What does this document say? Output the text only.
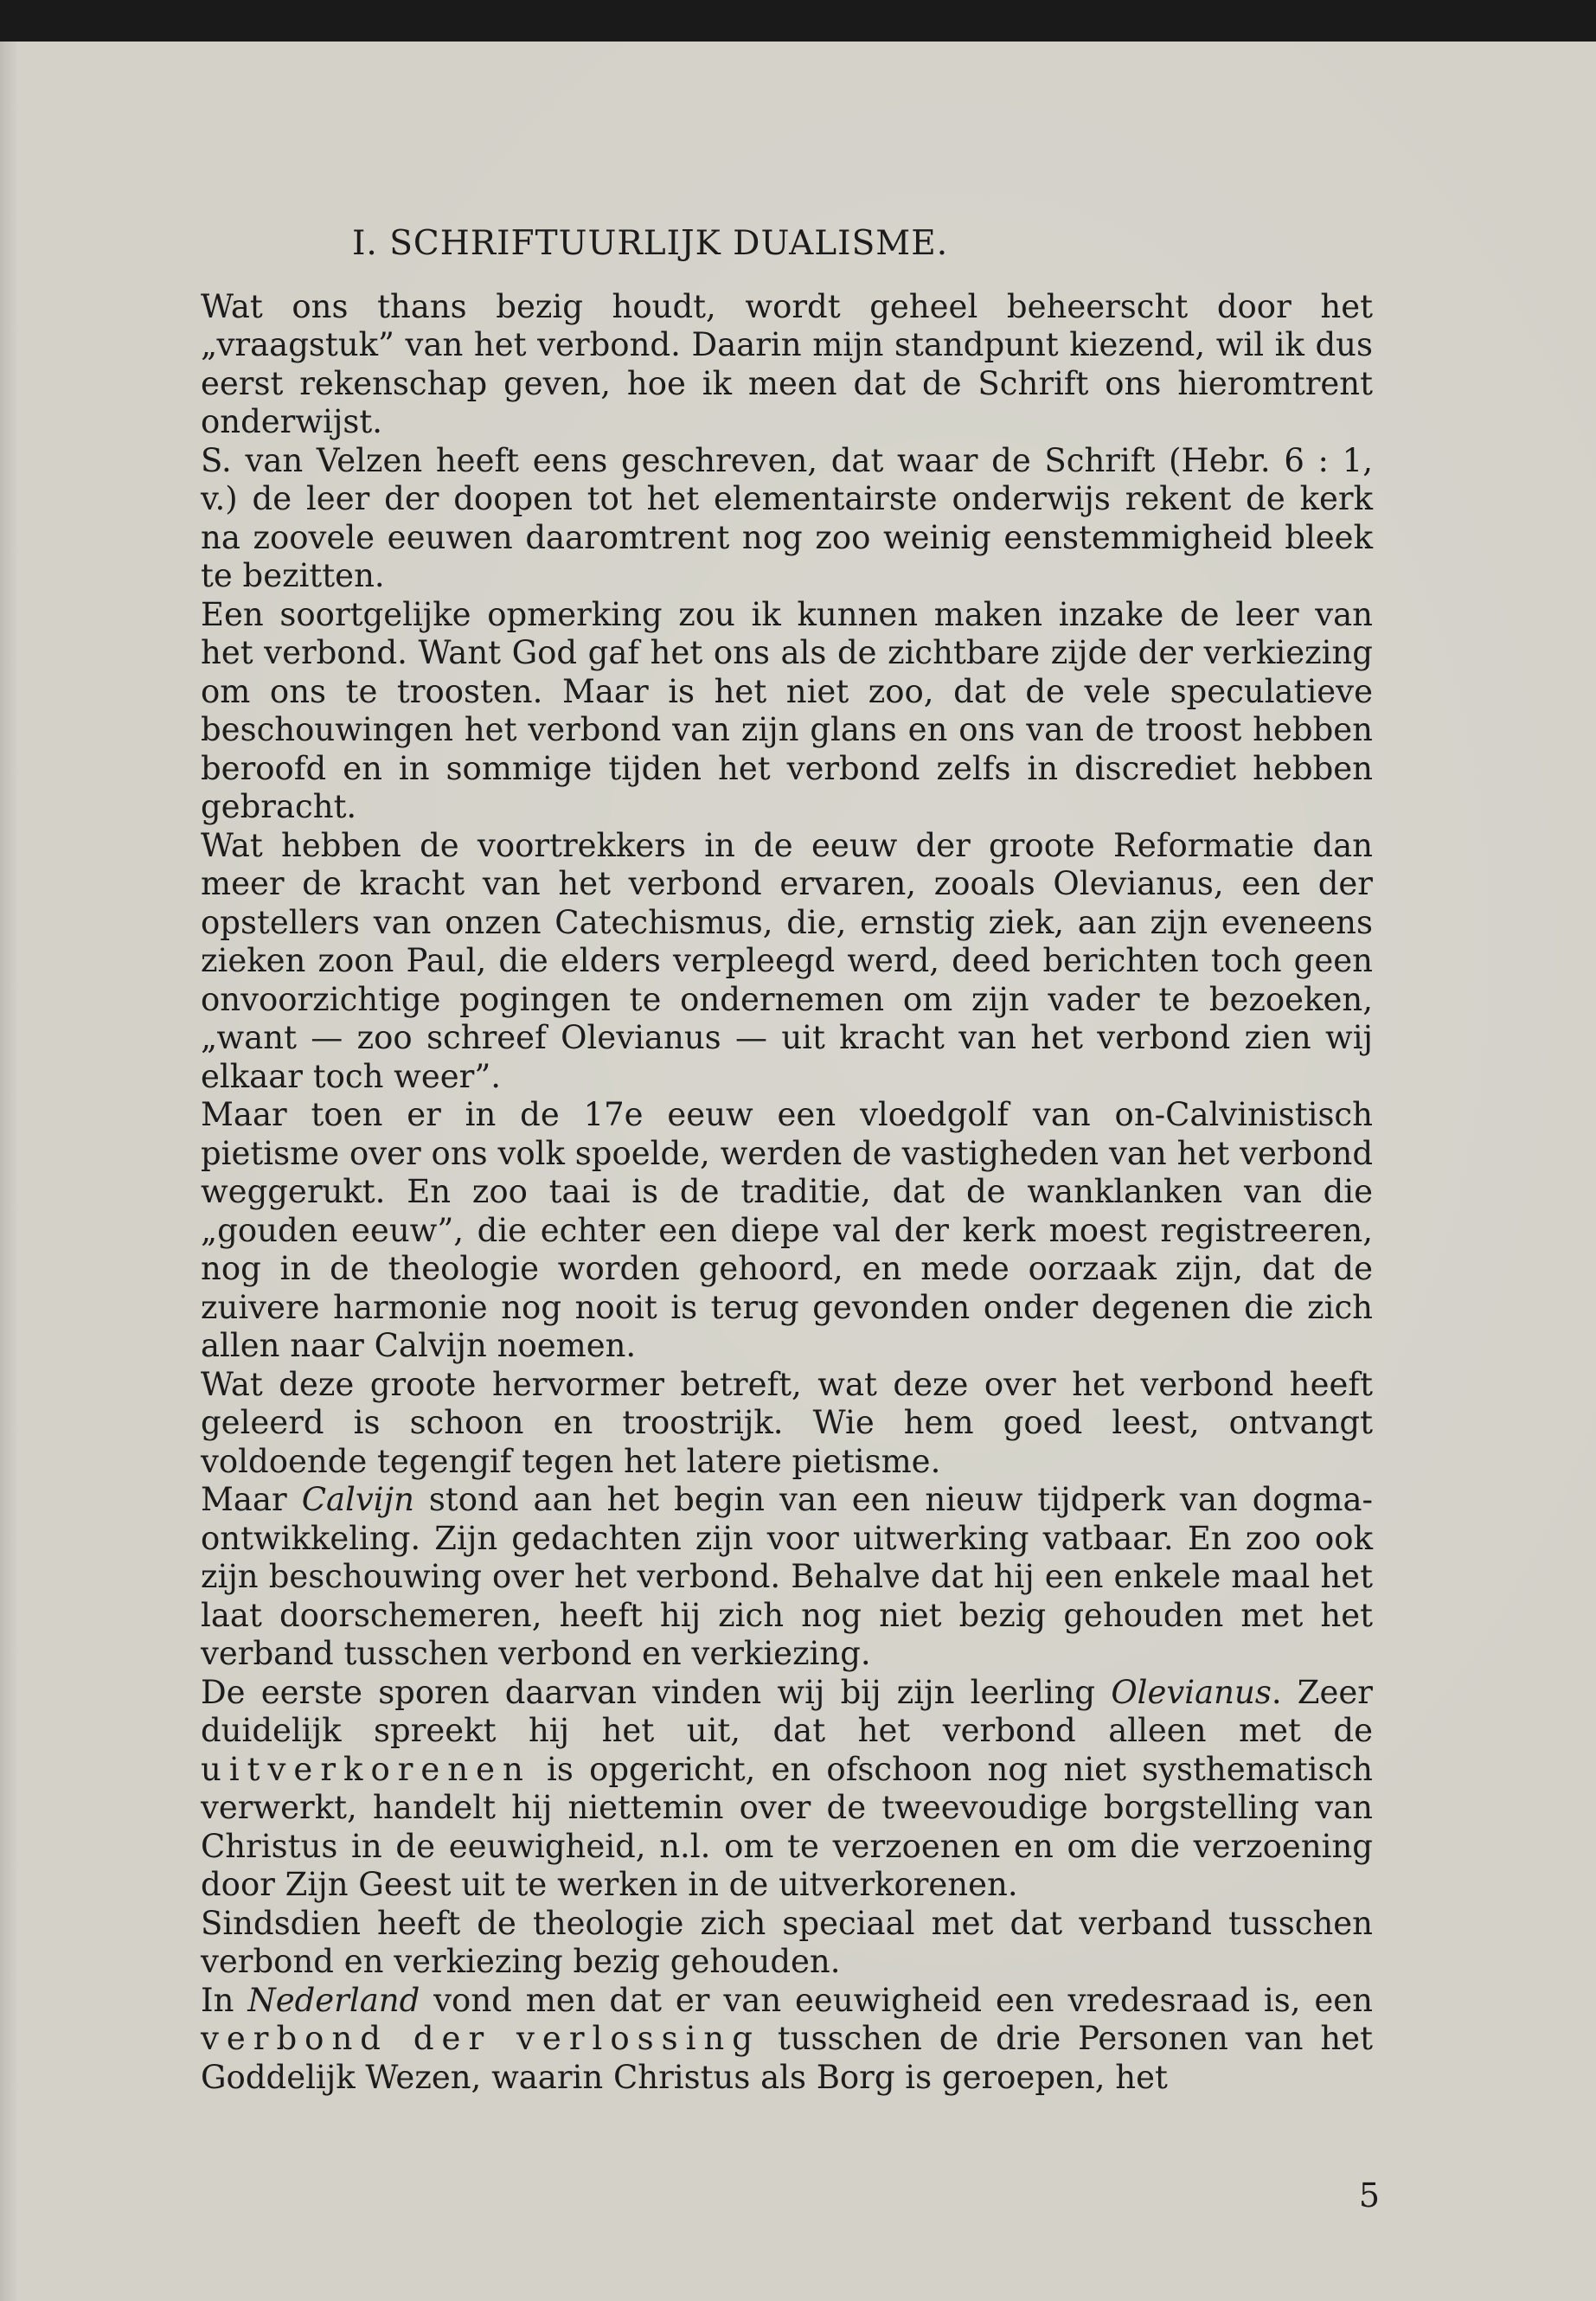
I. SCHRIFTUURLIJK DUALISME.

Wat ons thans bezig houdt, wordt geheel beheerscht door het „vraagstuk” van het verbond. Daarin mijn standpunt kiezend, wil ik dus eerst rekenschap geven, hoe ik meen dat de Schrift ons hieromtrent onderwijst.

S. van Velzen heeft eens geschreven, dat waar de Schrift (Hebr. 6 : 1, v.) de leer der doopen tot het elementairste onderwijs rekent de kerk na zoovele eeuwen daaromtrent nog zoo weinig eenstemmigheid bleek te bezitten.

Een soortgelijke opmerking zou ik kunnen maken inzake de leer van het verbond. Want God gaf het ons als de zichtbare zijde der verkiezing om ons te troosten. Maar is het niet zoo, dat de vele speculatieve beschouwingen het verbond van zijn glans en ons van de troost hebben beroofd en in sommige tijden het verbond zelfs in discrediet hebben gebracht.

Wat hebben de voortrekkers in de eeuw der groote Reformatie dan meer de kracht van het verbond ervaren, zooals Olevianus, een der opstellers van onzen Catechismus, die, ernstig ziek, aan zijn eveneens zieken zoon Paul, die elders verpleegd werd, deed berichten toch geen onvoorzichtige pogingen te ondernemen om zijn vader te bezoeken, „want — zoo schreef Olevianus — uit kracht van het verbond zien wij elkaar toch weer”.

Maar toen er in de 17e eeuw een vloedgolf van on-Calvinistisch pietisme over ons volk spoelde, werden de vastigheden van het verbond weggerukt. En zoo taai is de traditie, dat de wanklanken van die „gouden eeuw”, die echter een diepe val der kerk moest registreeren, nog in de theologie worden gehoord, en mede oorzaak zijn, dat de zuivere harmonie nog nooit is terug gevonden onder degenen die zich allen naar Calvijn noemen.

Wat deze groote hervormer betreft, wat deze over het verbond heeft geleerd is schoon en troostrijk. Wie hem goed leest, ontvangt voldoende tegengif tegen het latere pietisme.

Maar Calvijn stond aan het begin van een nieuw tijdperk van dogma-ontwikkeling. Zijn gedachten zijn voor uitwerking vatbaar. En zoo ook zijn beschouwing over het verbond. Behalve dat hij een enkele maal het laat doorschemeren, heeft hij zich nog niet bezig gehouden met het verband tusschen verbond en verkiezing.

De eerste sporen daarvan vinden wij bij zijn leerling Olevianus. Zeer duidelijk spreekt hij het uit, dat het verbond alleen met de uitverkorenen is opgericht, en ofschoon nog niet systhematisch verwerkt, handelt hij niettemin over de tweevoudige borgstelling van Christus in de eeuwigheid, n.l. om te verzoenen en om die verzoening door Zijn Geest uit te werken in de uitverkorenen.

Sindsdien heeft de theologie zich speciaal met dat verband tusschen verbond en verkiezing bezig gehouden.

In Nederland vond men dat er van eeuwigheid een vredesraad is, een verbond der verlossing tusschen de drie Personen van het Goddelijk Wezen, waarin Christus als Borg is geroepen, het

5
